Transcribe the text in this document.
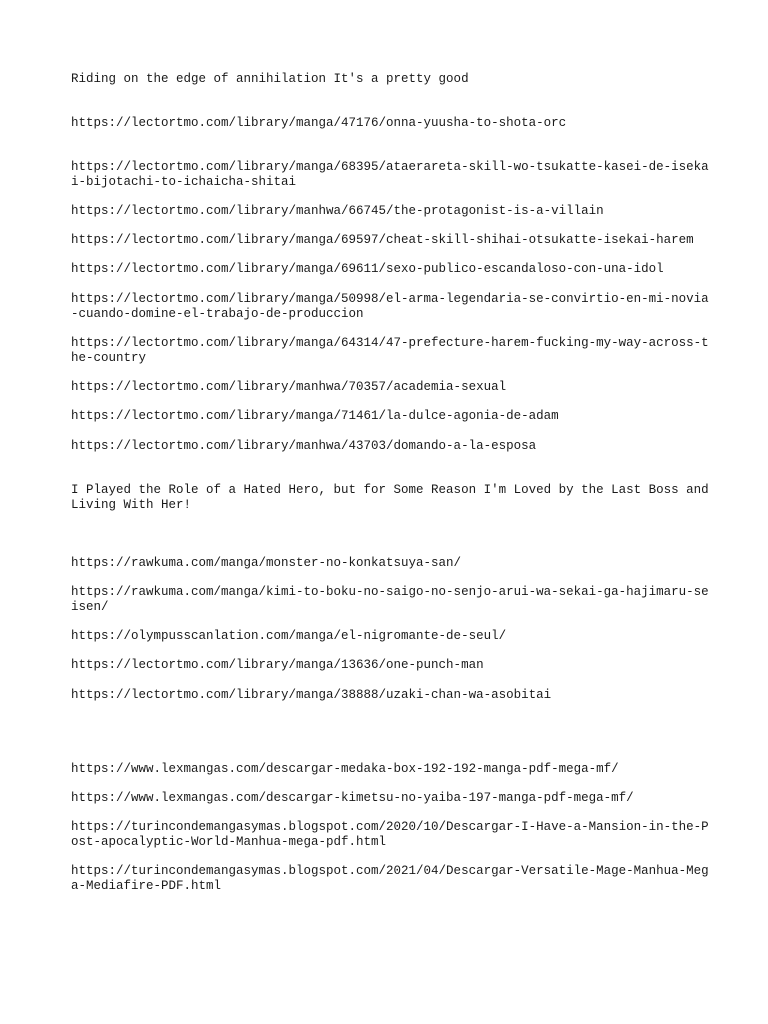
Riding on the edge of annihilation It's a pretty good

https://lectortmo.com/library/manga/47176/onna-yuusha-to-shota-orc

https://lectortmo.com/library/manga/68395/ataerareta-skill-wo-tsukatte-kasei-de-isekai-bijotachi-to-ichaicha-shitai

https://lectortmo.com/library/manhwa/66745/the-protagonist-is-a-villain

https://lectortmo.com/library/manga/69597/cheat-skill-shihai-otsukatte-isekai-harem

https://lectortmo.com/library/manga/69611/sexo-publico-escandaloso-con-una-idol

https://lectortmo.com/library/manga/50998/el-arma-legendaria-se-convirtio-en-mi-novia-cuando-domine-el-trabajo-de-produccion

https://lectortmo.com/library/manga/64314/47-prefecture-harem-fucking-my-way-across-the-country

https://lectortmo.com/library/manhwa/70357/academia-sexual

https://lectortmo.com/library/manga/71461/la-dulce-agonia-de-adam

https://lectortmo.com/library/manhwa/43703/domando-a-la-esposa

I Played the Role of a Hated Hero, but for Some Reason I'm Loved by the Last Boss and Living With Her!

https://rawkuma.com/manga/monster-no-konkatsuya-san/

https://rawkuma.com/manga/kimi-to-boku-no-saigo-no-senjo-arui-wa-sekai-ga-hajimaru-seisen/

https://olympusscanlation.com/manga/el-nigromante-de-seul/

https://lectortmo.com/library/manga/13636/one-punch-man

https://lectortmo.com/library/manga/38888/uzaki-chan-wa-asobitai

https://www.lexmangas.com/descargar-medaka-box-192-192-manga-pdf-mega-mf/

https://www.lexmangas.com/descargar-kimetsu-no-yaiba-197-manga-pdf-mega-mf/

https://turincondemangasymas.blogspot.com/2020/10/Descargar-I-Have-a-Mansion-in-the-Post-apocalyptic-World-Manhua-mega-pdf.html

https://turincondemangasymas.blogspot.com/2021/04/Descargar-Versatile-Mage-Manhua-Mega-Mediafire-PDF.html
